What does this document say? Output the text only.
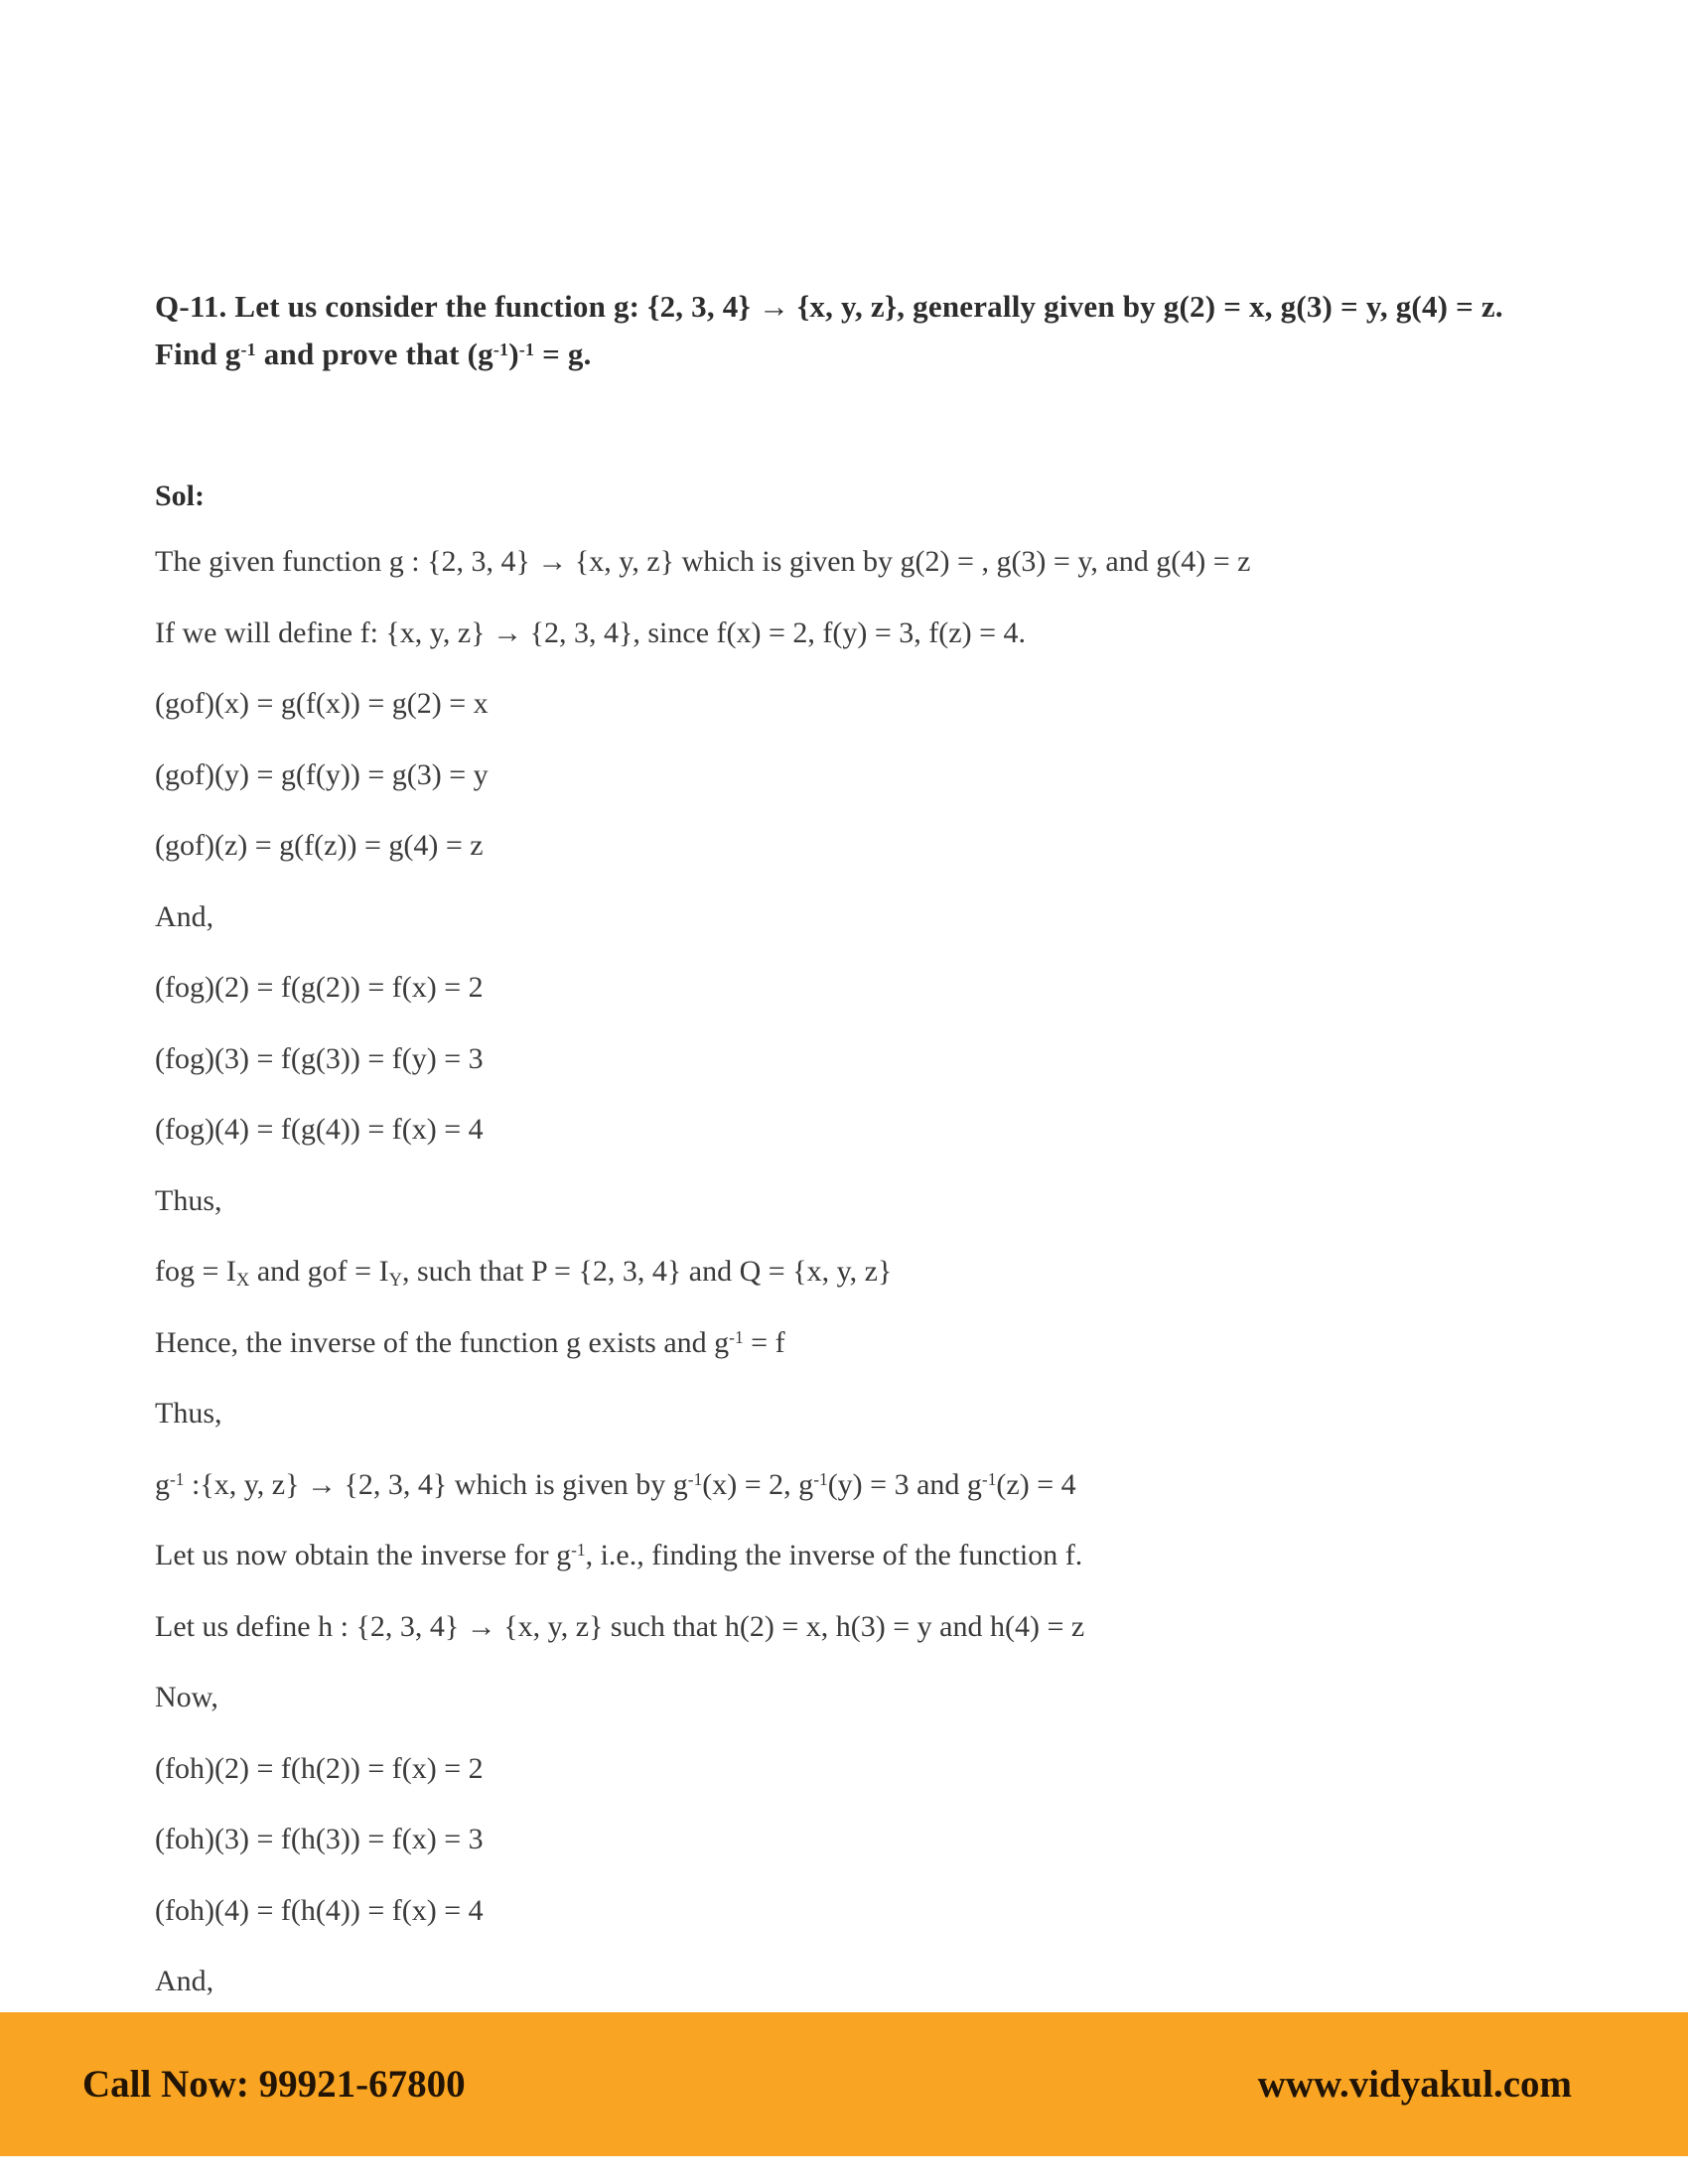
Q-11. Let us consider the function g: {2, 3, 4} → {x, y, z}, generally given by g(2) = x, g(3) = y, g(4) = z. Find $g^{-1}$ and prove that $(g^{-1})^{-1} = g$.

Sol:

The given function g : {2, 3, 4} → {x, y, z} which is given by g(2) = , g(3) = y, and g(4) = z

If we will define f: {x, y, z} → {2, 3, 4}, since f(x) = 2, f(y) = 3, f(z) = 4.

(gof)(x) = g(f(x)) = g(2) = x

(gof)(y) = g(f(y)) = g(3) = y

(gof)(z) = g(f(z)) = g(4) = z

And,

(fog)(2) = f(g(2)) = f(x) = 2

(fog)(3) = f(g(3)) = f(y) = 3

(fog)(4) = f(g(4)) = f(x) = 4

Thus,

fog = $I_X$ and gof = $I_Y$, such that P = {2, 3, 4} and Q = {x, y, z}

Hence, the inverse of the function g exists and $g^{-1} = f$

Thus,

$g^{-1}$ :{x, y, z} → {2, 3, 4} which is given by $g^{-1}(x) = 2$, $g^{-1}(y) = 3$ and $g^{-1}(z) = 4$

Let us now obtain the inverse for $g^{-1}$, i.e., finding the inverse of the function f.

Let us define h : {2, 3, 4} → {x, y, z} such that h(2) = x, h(3) = y and h(4) = z

Now,

(foh)(2) = f(h(2)) = f(x) = 2

(foh)(3) = f(h(3)) = f(x) = 3

(foh)(4) = f(h(4)) = f(x) = 4

And,

Call Now: 99921-67800	www.vidyakul.com
